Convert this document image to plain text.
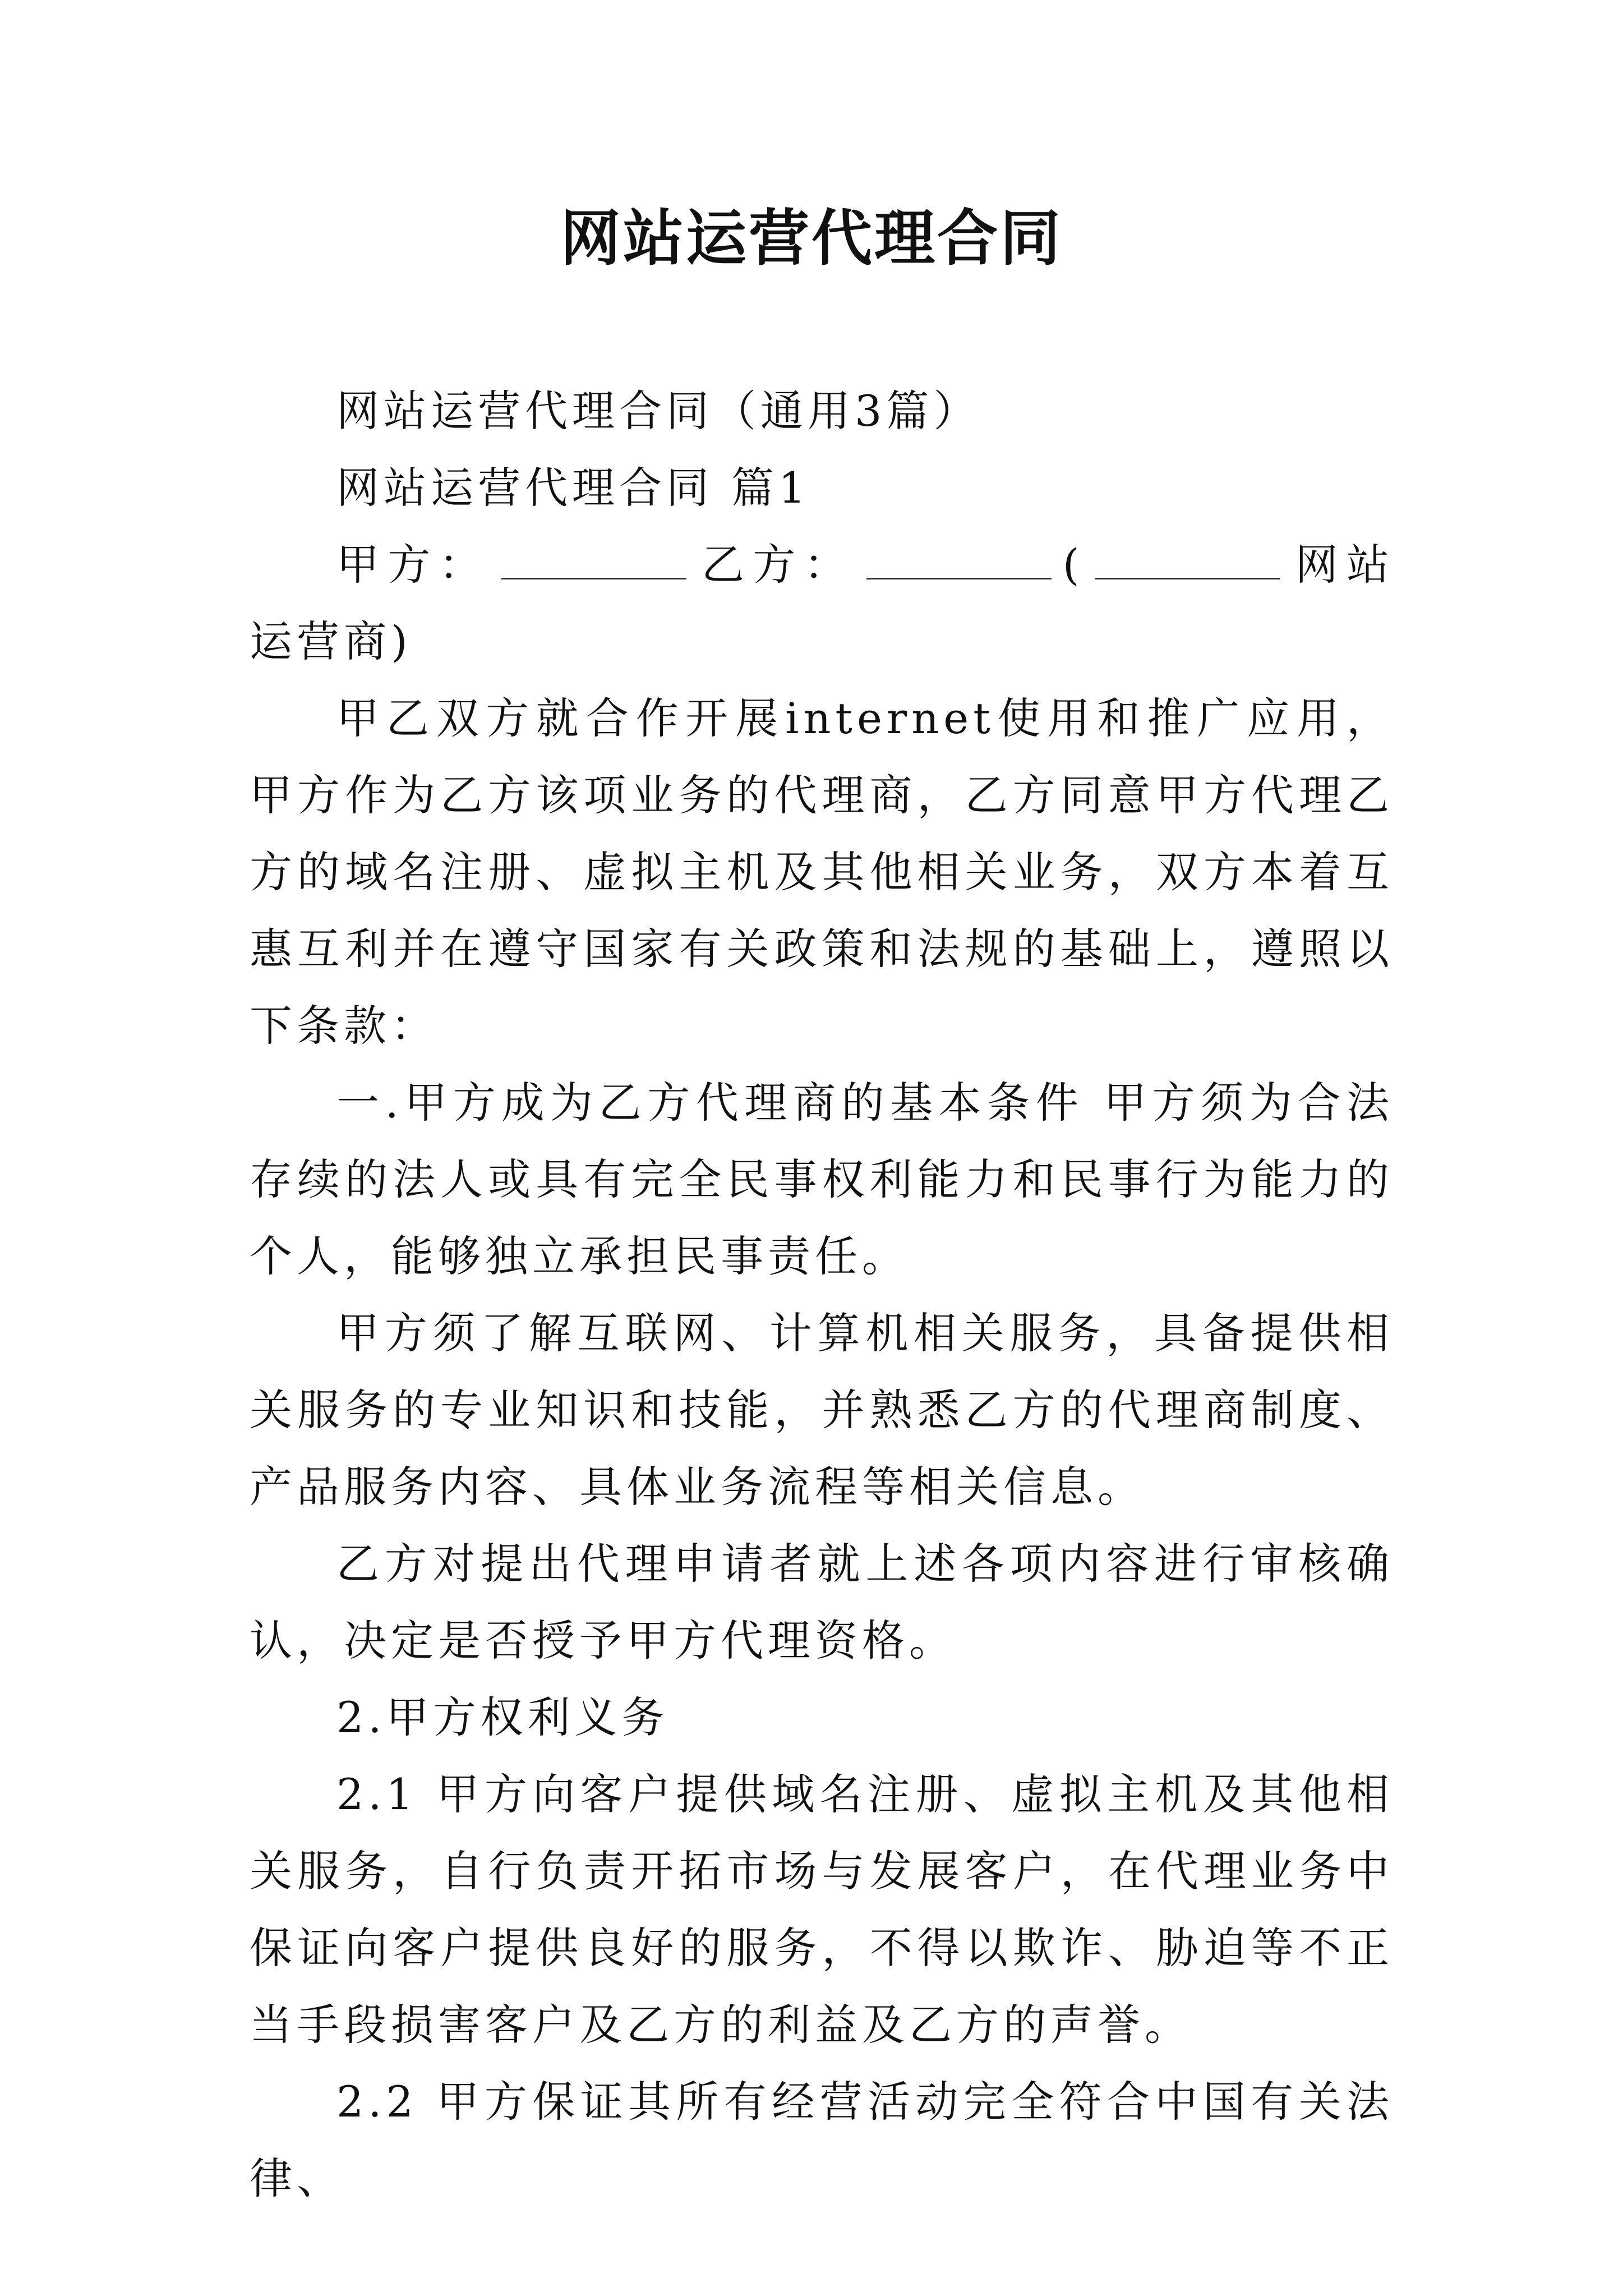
网站运营代理合同

网站运营代理合同（通用3篇）

网站运营代理合同 篇1

甲方：	乙方：	(	网站运营商)

甲乙双方就合作开展internet使用和推广应用，甲方作为乙方该项业务的代理商，乙方同意甲方代理乙方的域名注册、虚拟主机及其他相关业务，双方本着互惠互利并在遵守国家有关政策和法规的基础上，遵照以下条款：

一.甲方成为乙方代理商的基本条件 甲方须为合法存续的法人或具有完全民事权利能力和民事行为能力的个人，能够独立承担民事责任。

甲方须了解互联网、计算机相关服务，具备提供相关服务的专业知识和技能，并熟悉乙方的代理商制度、产品服务内容、具体业务流程等相关信息。

乙方对提出代理申请者就上述各项内容进行审核确认，决定是否授予甲方代理资格。

2.甲方权利义务

2.1 甲方向客户提供域名注册、虚拟主机及其他相关服务，自行负责开拓市场与发展客户，在代理业务中保证向客户提供良好的服务，不得以欺诈、胁迫等不正当手段损害客户及乙方的利益及乙方的声誉。

2.2 甲方保证其所有经营活动完全符合中国有关法律、
